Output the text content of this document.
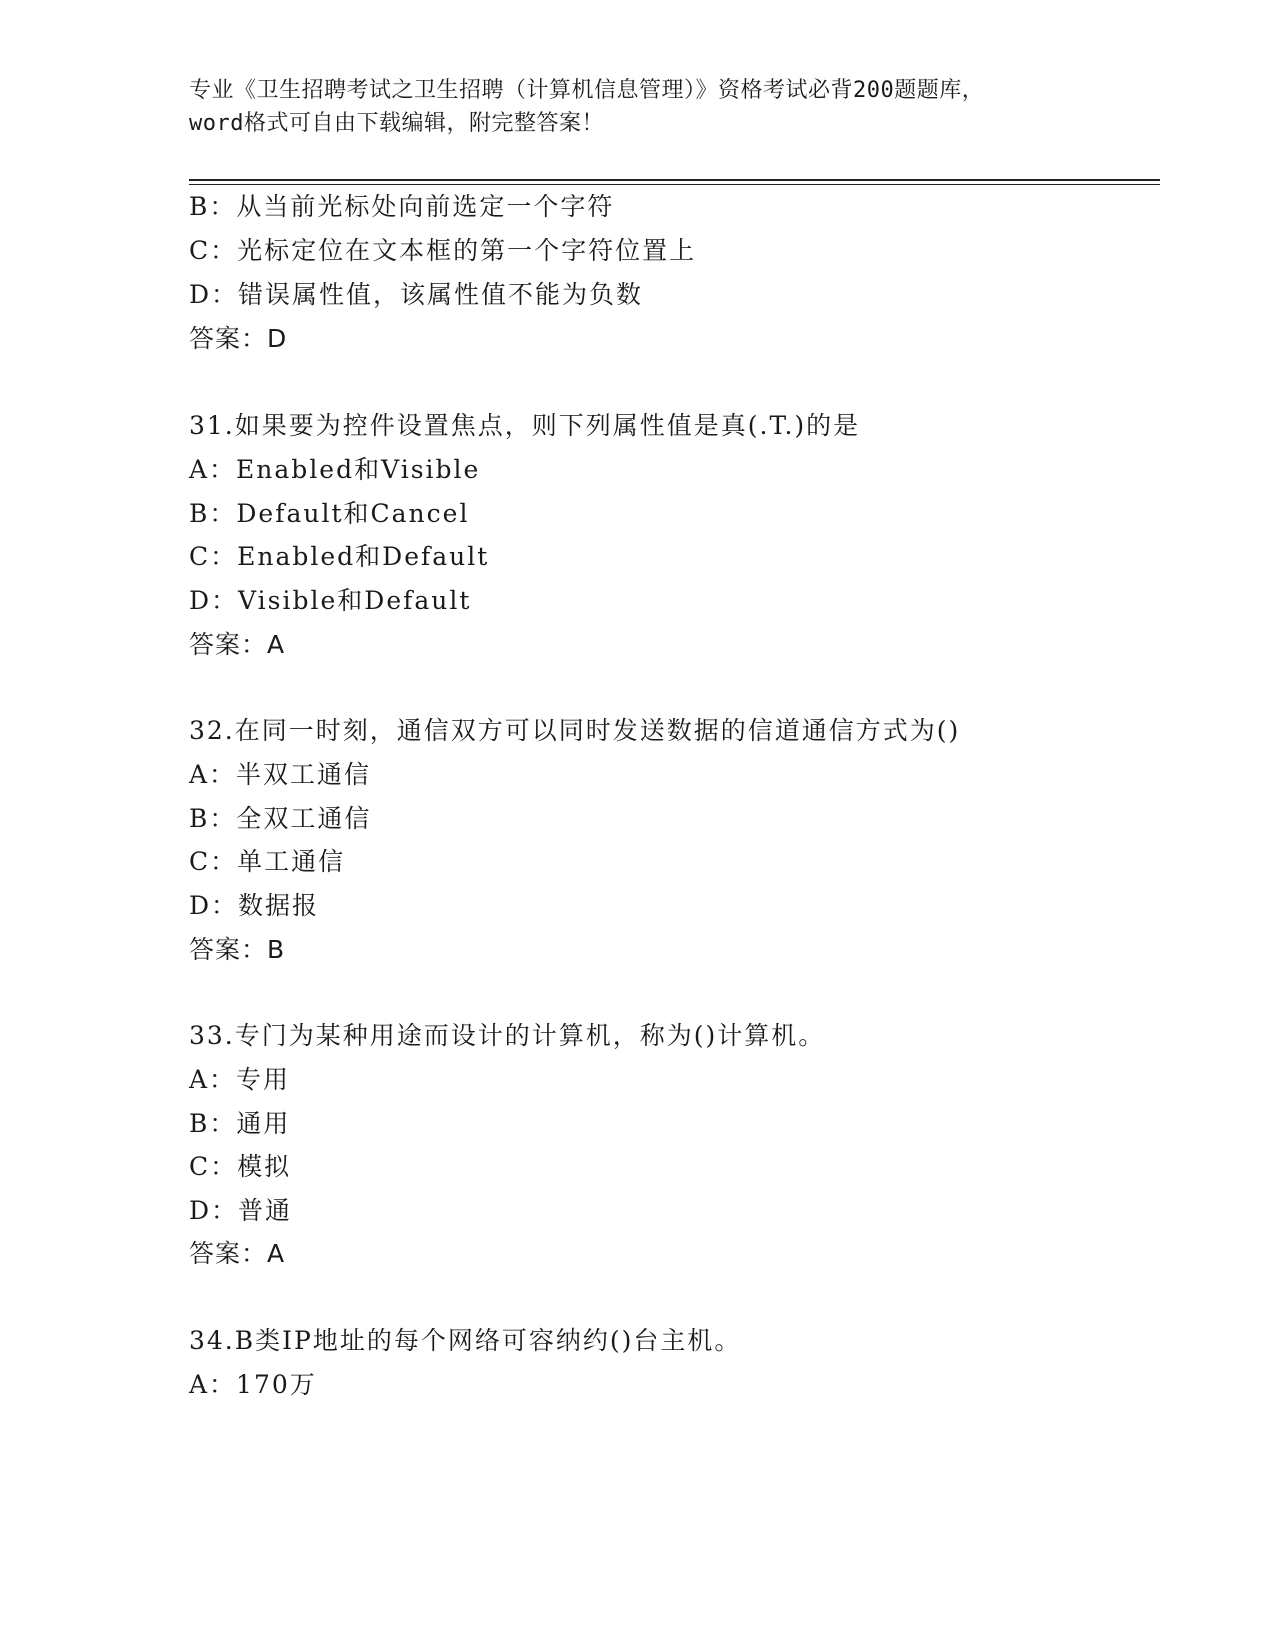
专业《卫生招聘考试之卫生招聘（计算机信息管理）》资格考试必背200题题库，
word格式可自由下载编辑，附完整答案！
B：从当前光标处向前选定一个字符
C：光标定位在文本框的第一个字符位置上
D：错误属性值，该属性值不能为负数
答案：D
31.如果要为控件设置焦点，则下列属性值是真(.T.)的是
A：Enabled和Visible
B：Default和Cancel
C：Enabled和Default
D：Visible和Default
答案：A
32.在同一时刻，通信双方可以同时发送数据的信道通信方式为()
A：半双工通信
B：全双工通信
C：单工通信
D：数据报
答案：B
33.专门为某种用途而设计的计算机，称为()计算机。
A：专用
B：通用
C：模拟
D：普通
答案：A
34.B类IP地址的每个网络可容纳约()台主机。
A：170万
